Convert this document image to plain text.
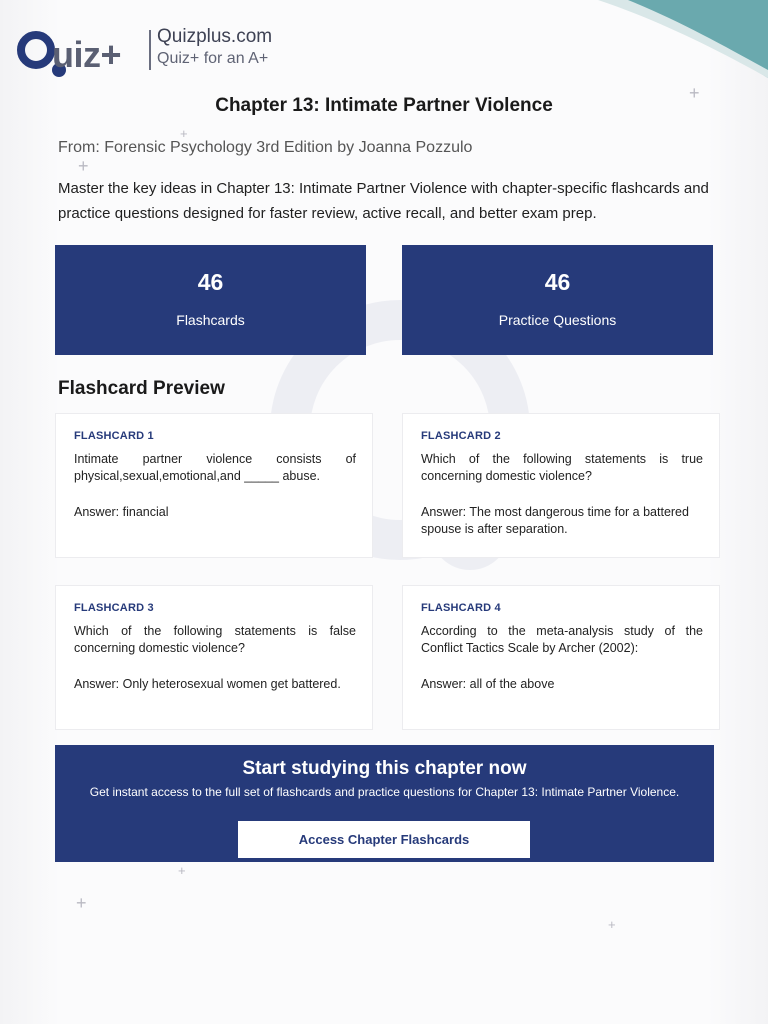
+
+
+
+
+
+
uiz+ Quizplus.com
Quiz+ for an A+
Chapter 13: Intimate Partner Violence
From: Forensic Psychology 3rd Edition by Joanna Pozzulo

Master the key ideas in Chapter 13: Intimate Partner Violence with chapter-specific flashcards and practice questions designed for faster review, active recall, and better exam prep.

46
Flashcards
46
Practice Questions
Flashcard Preview
FLASHCARD 1
Intimate partner violence consists of physical,sexual,emotional,and _____ abuse.
Answer: financial
FLASHCARD 2
Which of the following statements is true concerning domestic violence?
Answer: The most dangerous time for a battered spouse is after separation.
FLASHCARD 3
Which of the following statements is false concerning domestic violence?
Answer: Only heterosexual women get battered.
FLASHCARD 4
According to the meta-analysis study of the Conflict Tactics Scale by Archer (2002):
Answer: all of the above
Start studying this chapter now
Get instant access to the full set of flashcards and practice questions for Chapter 13: Intimate Partner Violence.
Access Chapter Flashcards
